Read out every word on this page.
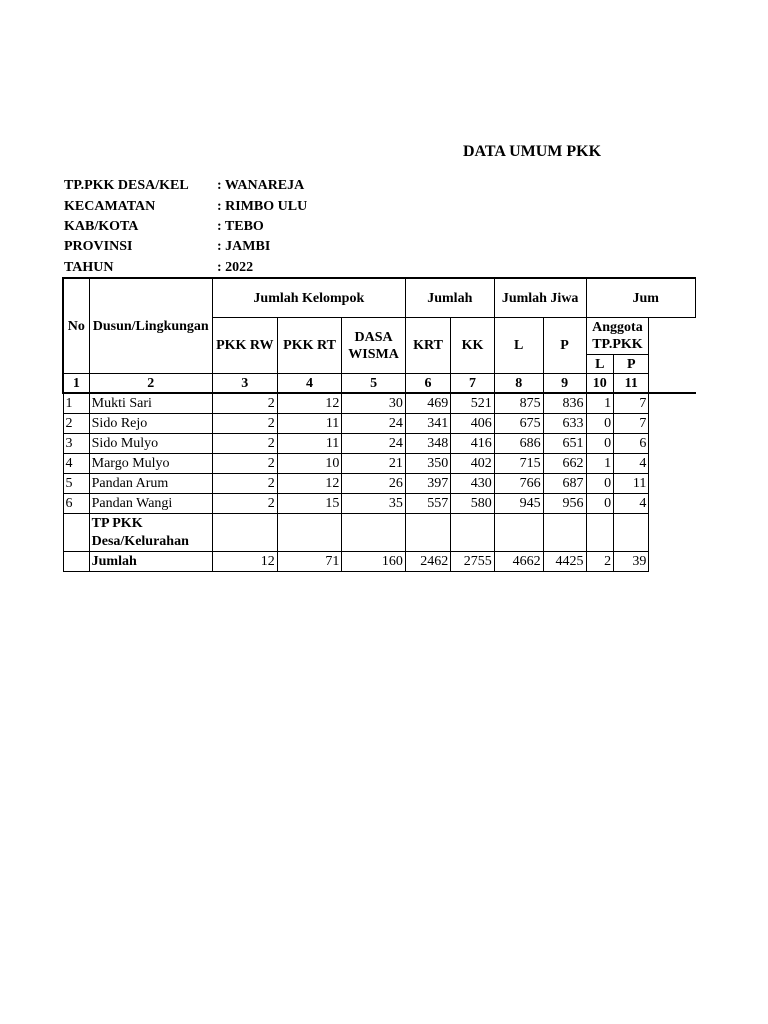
DATA UMUM PKK
TP.PKK DESA/KEL	: WANAREJA
KECAMATAN	: RIMBO ULU
KAB/KOTA	: TEBO
PROVINSI	: JAMBI
TAHUN	: 2022
No	Dusun/Lingkungan	Jumlah Kelompok			Jumlah		Jumlah Jiwa		Jum		
		PKK RW	PKK RT	DASA WISMA	KRT	KK	L	P	Anggota TP.PKK		
									L	P	
1	2	3	4	5	6	7	8	9	10	11	
1	Mukti Sari	2	12	30	469	521	875	836	1	7	
2	Sido Rejo	2	11	24	341	406	675	633	0	7	
3	Sido Mulyo	2	11	24	348	416	686	651	0	6	
4	Margo Mulyo	2	10	21	350	402	715	662	1	4	
5	Pandan Arum	2	12	26	397	430	766	687	0	11	
6	Pandan Wangi	2	15	35	557	580	945	956	0	4	
	TP PKK Desa/Kelurahan										
	Jumlah	12	71	160	2462	2755	4662	4425	2	39	
